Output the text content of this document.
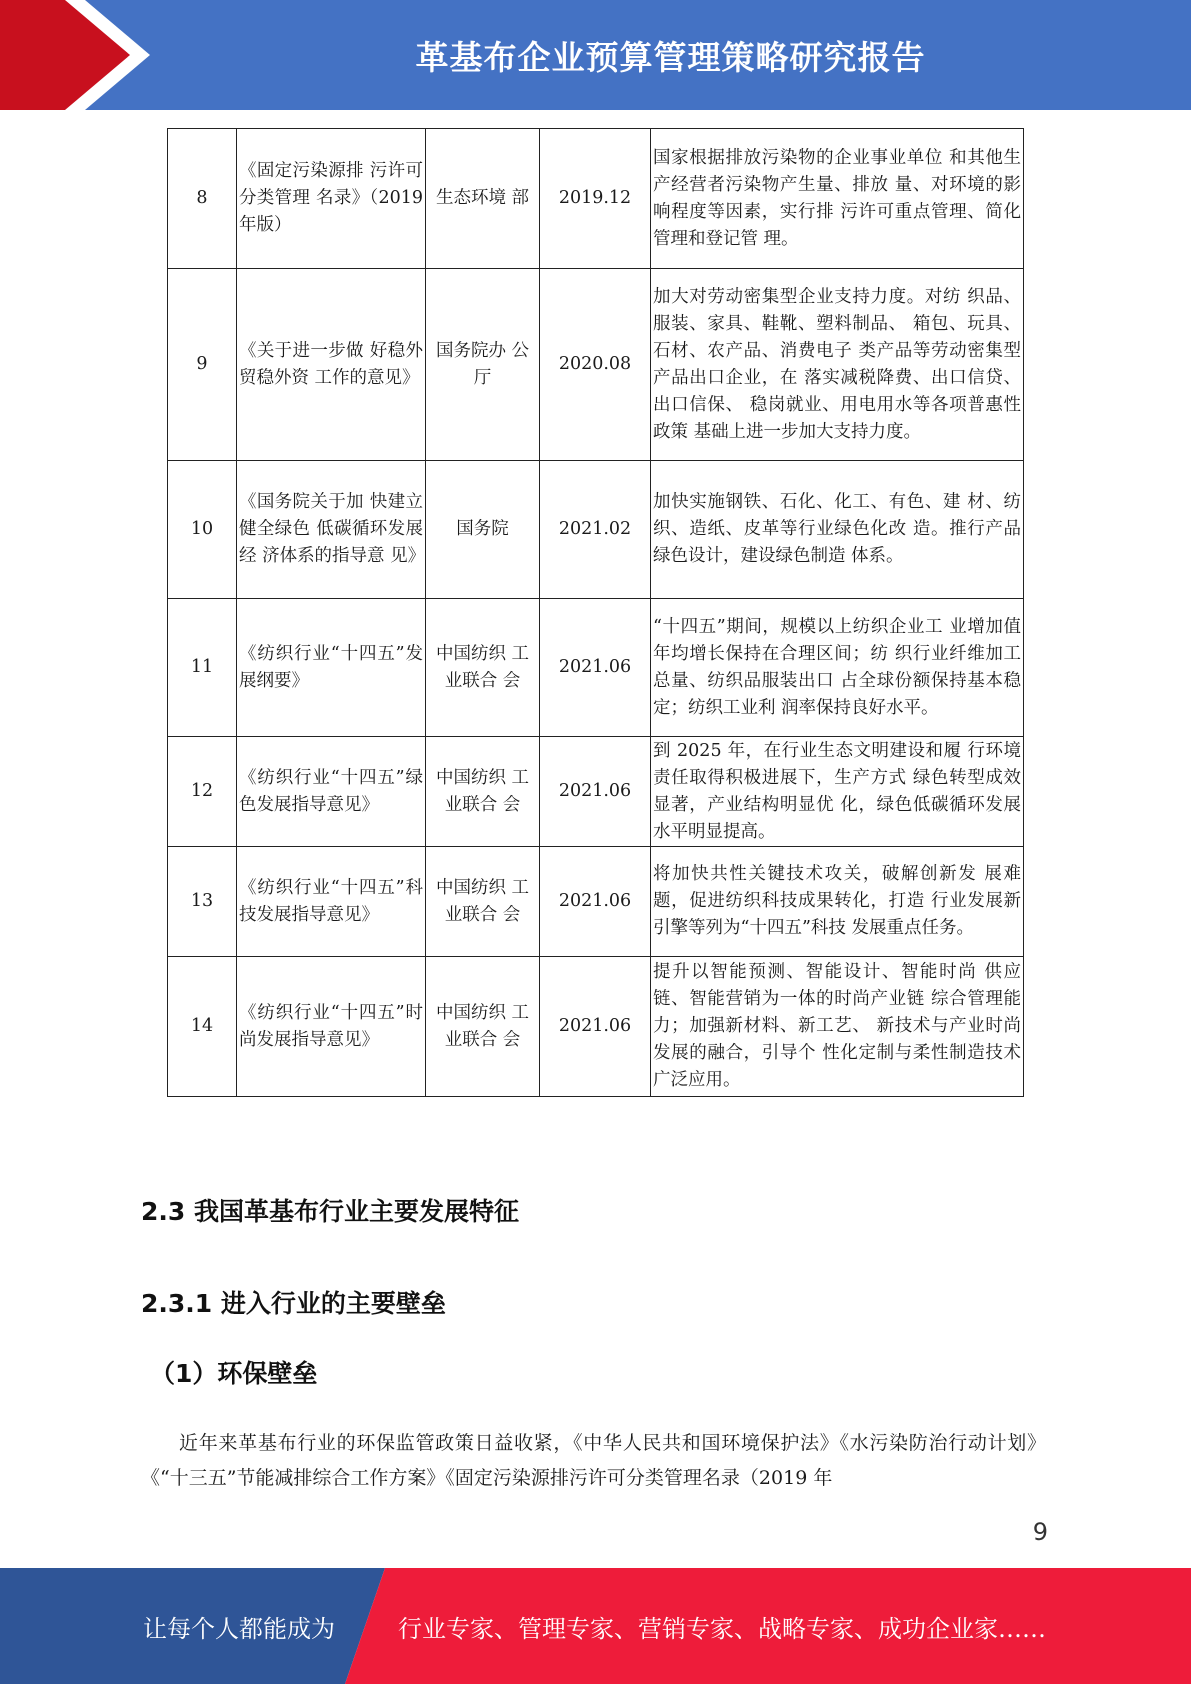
革基布企业预算管理策略研究报告
8	《固定污染源排 污许可分类管理 名录》（2019 年版）	生态环境 部	2019.12	国家根据排放污染物的企业事业单位 和其他生产经营者污染物产生量、排放 量、对环境的影响程度等因素，实行排 污许可重点管理、简化管理和登记管 理。
9	《关于进一步做 好稳外贸稳外资 工作的意见》	国务院办 公厅	2020.08	加大对劳动密集型企业支持力度。对纺 织品、服装、家具、鞋靴、塑料制品、 箱包、玩具、石材、农产品、消费电子 类产品等劳动密集型产品出口企业，在 落实减税降费、出口信贷、出口信保、 稳岗就业、用电用水等各项普惠性政策 基础上进一步加大支持力度。
10	《国务院关于加 快建立健全绿色 低碳循环发展经 济体系的指导意 见》	国务院	2021.02	加快实施钢铁、石化、化工、有色、建 材、纺织、造纸、皮革等行业绿色化改 造。推行产品绿色设计，建设绿色制造 体系。
11	《纺织行业“十四五”发展纲要》	中国纺织 工业联合 会	2021.06	“十四五”期间，规模以上纺织企业工 业增加值年均增长保持在合理区间；纺 织行业纤维加工总量、纺织品服装出口 占全球份额保持基本稳定；纺织工业利 润率保持良好水平。
12	《纺织行业“十四五”绿色发展指导意见》	中国纺织 工业联合 会	2021.06	到 2025 年，在行业生态文明建设和履 行环境责任取得积极进展下，生产方式 绿色转型成效显著，产业结构明显优 化，绿色低碳循环发展水平明显提高。
13	《纺织行业“十四五”科技发展指导意见》	中国纺织 工业联合 会	2021.06	将加快共性关键技术攻关，破解创新发 展难题，促进纺织科技成果转化，打造 行业发展新引擎等列为“十四五”科技 发展重点任务。
14	《纺织行业“十四五”时尚发展指导意见》	中国纺织 工业联合 会	2021.06	提升以智能预测、智能设计、智能时尚 供应链、智能营销为一体的时尚产业链 综合管理能力；加强新材料、新工艺、 新技术与产业时尚发展的融合，引导个 性化定制与柔性制造技术广泛应用。
2.3 我国革基布行业主要发展特征
2.3.1 进入行业的主要壁垒
（1）环保壁垒
近年来革基布行业的环保监管政策日益收紧，《中华人民共和国环境保护法》《水污染防治行动计划》《“十三五”节能减排综合工作方案》《固定污染源排污许可分类管理名录（2019 年
9
让每个人都能成为	行业专家、管理专家、营销专家、战略专家、成功企业家……
